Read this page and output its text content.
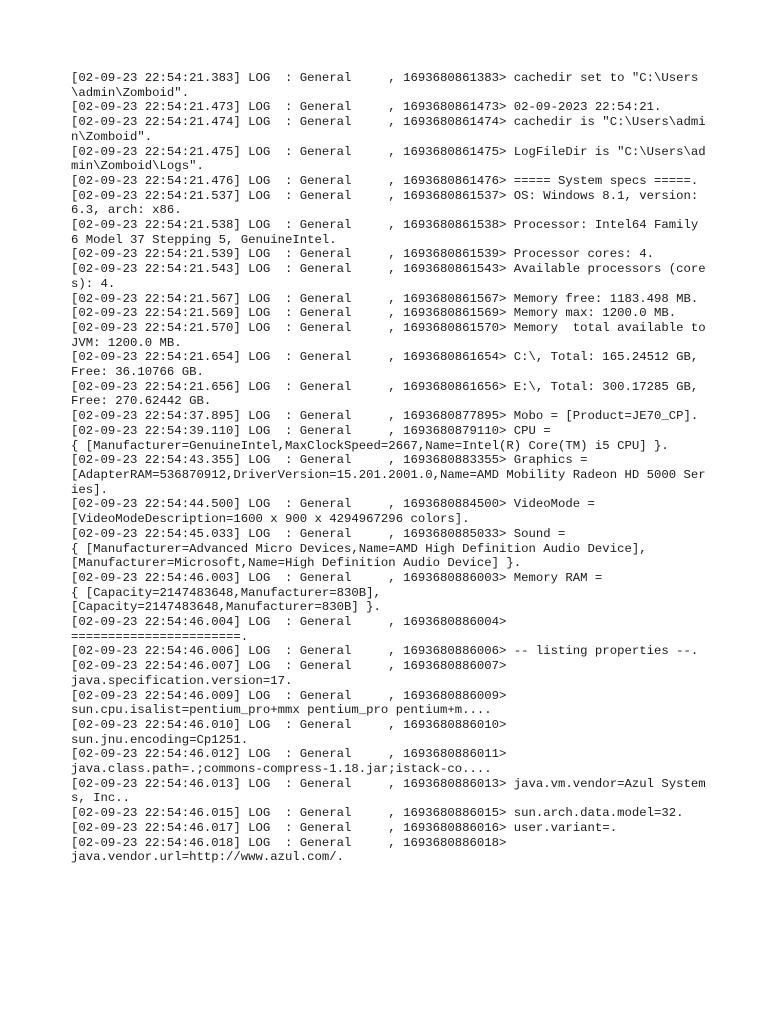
[02-09-23 22:54:21.383] LOG  : General     , 1693680861383> cachedir set to "C:\Users\admin\Zomboid".

[02-09-23 22:54:21.473] LOG  : General     , 1693680861473> 02-09-2023 22:54:21.

[02-09-23 22:54:21.474] LOG  : General     , 1693680861474> cachedir is "C:\Users\admin\Zomboid".

[02-09-23 22:54:21.475] LOG  : General     , 1693680861475> LogFileDir is "C:\Users\admin\Zomboid\Logs".

[02-09-23 22:54:21.476] LOG  : General     , 1693680861476> ===== System specs =====.

[02-09-23 22:54:21.537] LOG  : General     , 1693680861537> OS: Windows 8.1, version: 6.3, arch: x86.

[02-09-23 22:54:21.538] LOG  : General     , 1693680861538> Processor: Intel64 Family 6 Model 37 Stepping 5, GenuineIntel.

[02-09-23 22:54:21.539] LOG  : General     , 1693680861539> Processor cores: 4.

[02-09-23 22:54:21.543] LOG  : General     , 1693680861543> Available processors (cores): 4.

[02-09-23 22:54:21.567] LOG  : General     , 1693680861567> Memory free: 1183.498 MB.

[02-09-23 22:54:21.569] LOG  : General     , 1693680861569> Memory max: 1200.0 MB.

[02-09-23 22:54:21.570] LOG  : General     , 1693680861570> Memory  total available to JVM: 1200.0 MB.

[02-09-23 22:54:21.654] LOG  : General     , 1693680861654> C:\, Total: 165.24512 GB, Free: 36.10766 GB.

[02-09-23 22:54:21.656] LOG  : General     , 1693680861656> E:\, Total: 300.17285 GB, Free: 270.62442 GB.

[02-09-23 22:54:37.895] LOG  : General     , 1693680877895> Mobo = [Product=JE70_CP].

[02-09-23 22:54:39.110] LOG  : General     , 1693680879110> CPU =
{ [Manufacturer=GenuineIntel,MaxClockSpeed=2667,Name=Intel(R) Core(TM) i5 CPU] }.

[02-09-23 22:54:43.355] LOG  : General     , 1693680883355> Graphics =
[AdapterRAM=536870912,DriverVersion=15.201.2001.0,Name=AMD Mobility Radeon HD 5000 Series].

[02-09-23 22:54:44.500] LOG  : General     , 1693680884500> VideoMode =
[VideoModeDescription=1600 x 900 x 4294967296 colors].

[02-09-23 22:54:45.033] LOG  : General     , 1693680885033> Sound =
{ [Manufacturer=Advanced Micro Devices,Name=AMD High Definition Audio Device],
[Manufacturer=Microsoft,Name=High Definition Audio Device] }.

[02-09-23 22:54:46.003] LOG  : General     , 1693680886003> Memory RAM =
{ [Capacity=2147483648,Manufacturer=830B],
[Capacity=2147483648,Manufacturer=830B] }.

[02-09-23 22:54:46.004] LOG  : General     , 1693680886004>
=======================.

[02-09-23 22:54:46.006] LOG  : General     , 1693680886006> -- listing properties --.

[02-09-23 22:54:46.007] LOG  : General     , 1693680886007>
java.specification.version=17.

[02-09-23 22:54:46.009] LOG  : General     , 1693680886009>
sun.cpu.isalist=pentium_pro+mmx pentium_pro pentium+m....

[02-09-23 22:54:46.010] LOG  : General     , 1693680886010>
sun.jnu.encoding=Cp1251.

[02-09-23 22:54:46.012] LOG  : General     , 1693680886011>
java.class.path=.;commons-compress-1.18.jar;istack-co....

[02-09-23 22:54:46.013] LOG  : General     , 1693680886013> java.vm.vendor=Azul Systems, Inc..

[02-09-23 22:54:46.015] LOG  : General     , 1693680886015> sun.arch.data.model=32.

[02-09-23 22:54:46.017] LOG  : General     , 1693680886016> user.variant=.

[02-09-23 22:54:46.018] LOG  : General     , 1693680886018>
java.vendor.url=http://www.azul.com/.
